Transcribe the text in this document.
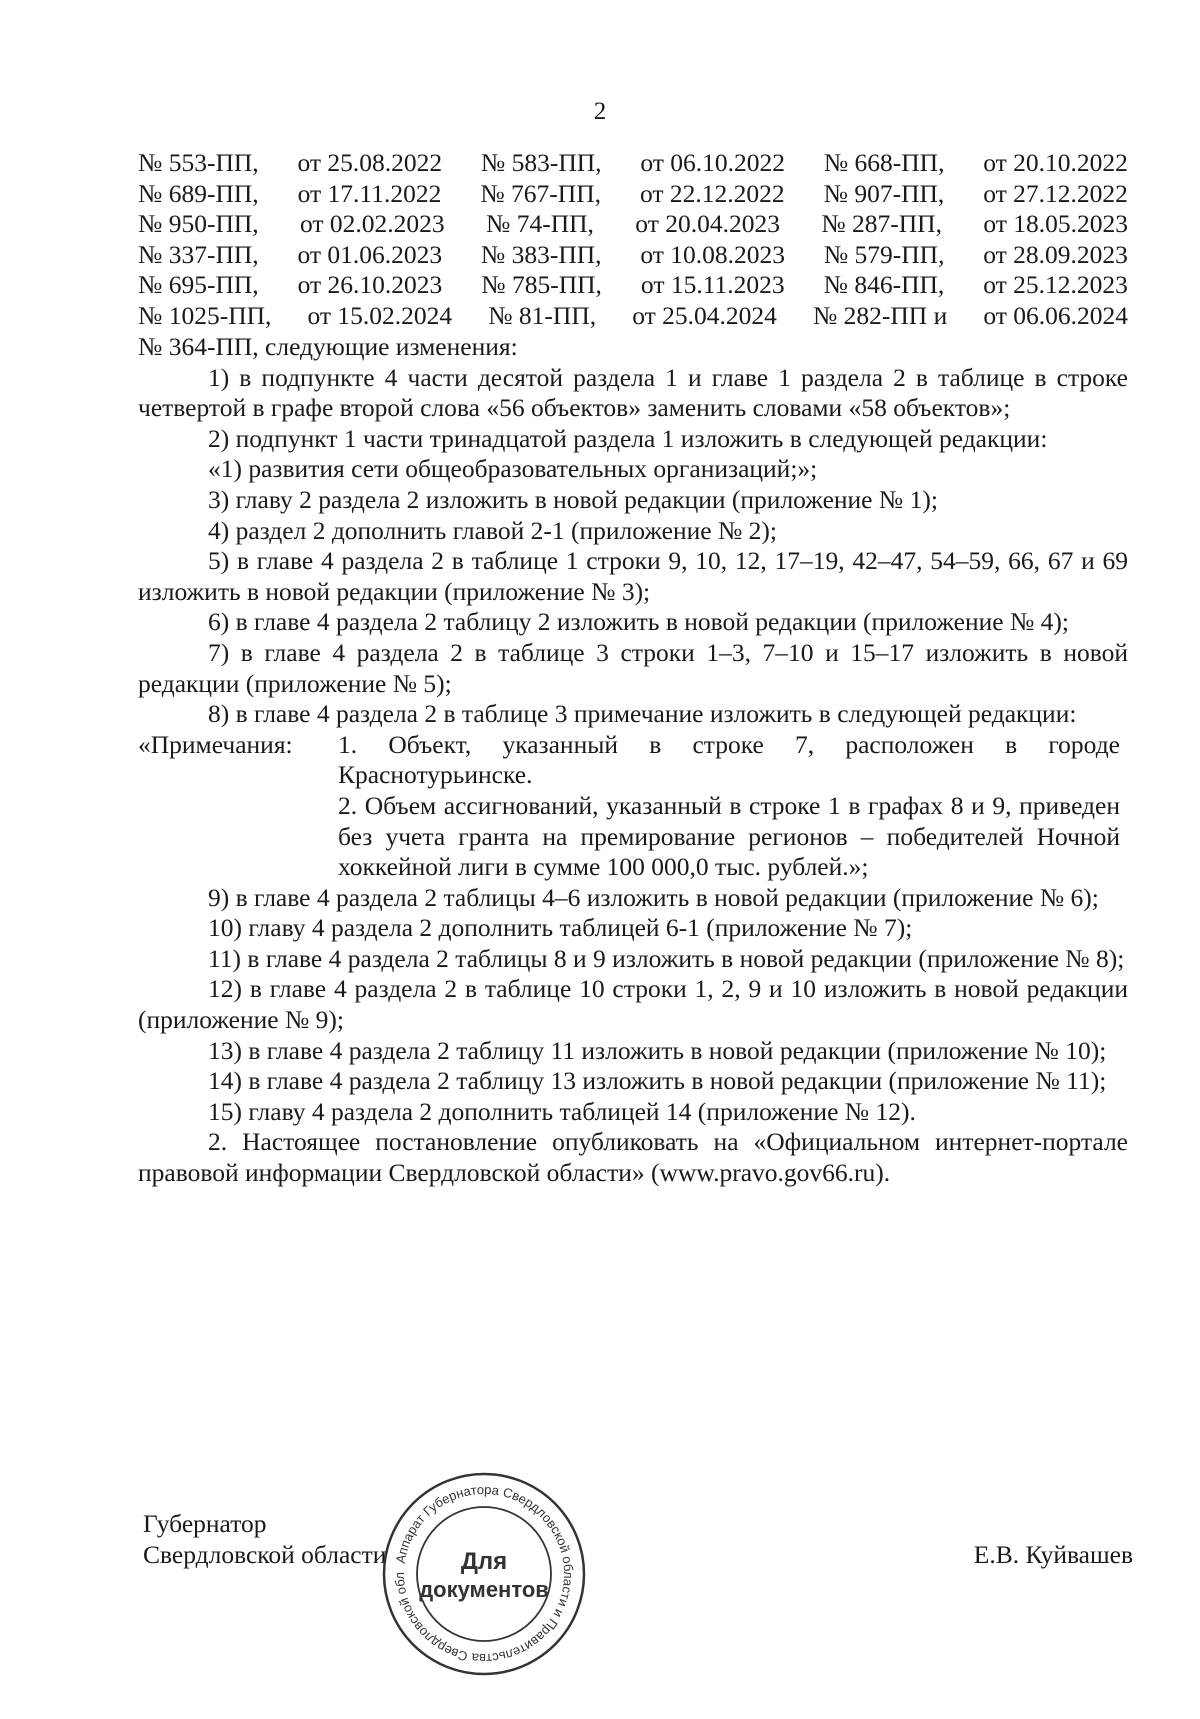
2
№ 553-ПП, от 25.08.2022 № 583-ПП, от 06.10.2022 № 668-ПП, от 20.10.2022
№ 689-ПП, от 17.11.2022 № 767-ПП, от 22.12.2022 № 907-ПП, от 27.12.2022
№ 950-ПП, от 02.02.2023 № 74-ПП, от 20.04.2023 № 287-ПП, от 18.05.2023
№ 337-ПП, от 01.06.2023 № 383-ПП, от 10.08.2023 № 579-ПП, от 28.09.2023
№ 695-ПП, от 26.10.2023 № 785-ПП, от 15.11.2023 № 846-ПП, от 25.12.2023
№ 1025-ПП, от 15.02.2024 № 81-ПП, от 25.04.2024 № 282-ПП и от 06.06.2024

№ 364-ПП, следующие изменения:

1) в подпункте 4 части десятой раздела 1 и главе 1 раздела 2 в таблице в строке четвертой в графе второй слова «56 объектов» заменить словами «58 объектов»;

2) подпункт 1 части тринадцатой раздела 1 изложить в следующей редакции:

«1) развития сети общеобразовательных организаций;»;

3) главу 2 раздела 2 изложить в новой редакции (приложение № 1);

4) раздел 2 дополнить главой 2-1 (приложение № 2);

5) в главе 4 раздела 2 в таблице 1 строки 9, 10, 12, 17–19, 42–47, 54–59, 66, 67 и 69 изложить в новой редакции (приложение № 3);

6) в главе 4 раздела 2 таблицу 2 изложить в новой редакции (приложение № 4);

7) в главе 4 раздела 2 в таблице 3 строки 1–3, 7–10 и 15–17 изложить в новой редакции (приложение № 5);

8) в главе 4 раздела 2 в таблице 3 примечание изложить в следующей редакции:

«Примечания:	1. Объект, указанный в строке 7, расположен в городе Краснотурьинске.

2. Объем ассигнований, указанный в строке 1 в графах 8 и 9, приведен без учета гранта на премирование регионов – победителей Ночной хоккейной лиги в сумме 100 000,0 тыс. рублей.»;

9) в главе 4 раздела 2 таблицы 4–6 изложить в новой редакции (приложение № 6);

10) главу 4 раздела 2 дополнить таблицей 6-1 (приложение № 7);

11) в главе 4 раздела 2 таблицы 8 и 9 изложить в новой редакции (приложение № 8);

12) в главе 4 раздела 2 в таблице 10 строки 1, 2, 9 и 10 изложить в новой редакции (приложение № 9);

13) в главе 4 раздела 2 таблицу 11 изложить в новой редакции (приложение № 10);

14) в главе 4 раздела 2 таблицу 13 изложить в новой редакции (приложение № 11);

15) главу 4 раздела 2 дополнить таблицей 14 (приложение № 12).

2. Настоящее постановление опубликовать на «Официальном интернет-портале правовой информации Свердловской области» (www.pravo.gov66.ru).

Губернатор
Свердловской области	Е.В. Куйвашев
Аппарат Губернатора Свердловской области и Правительства Свердловской обл
Для
документов
